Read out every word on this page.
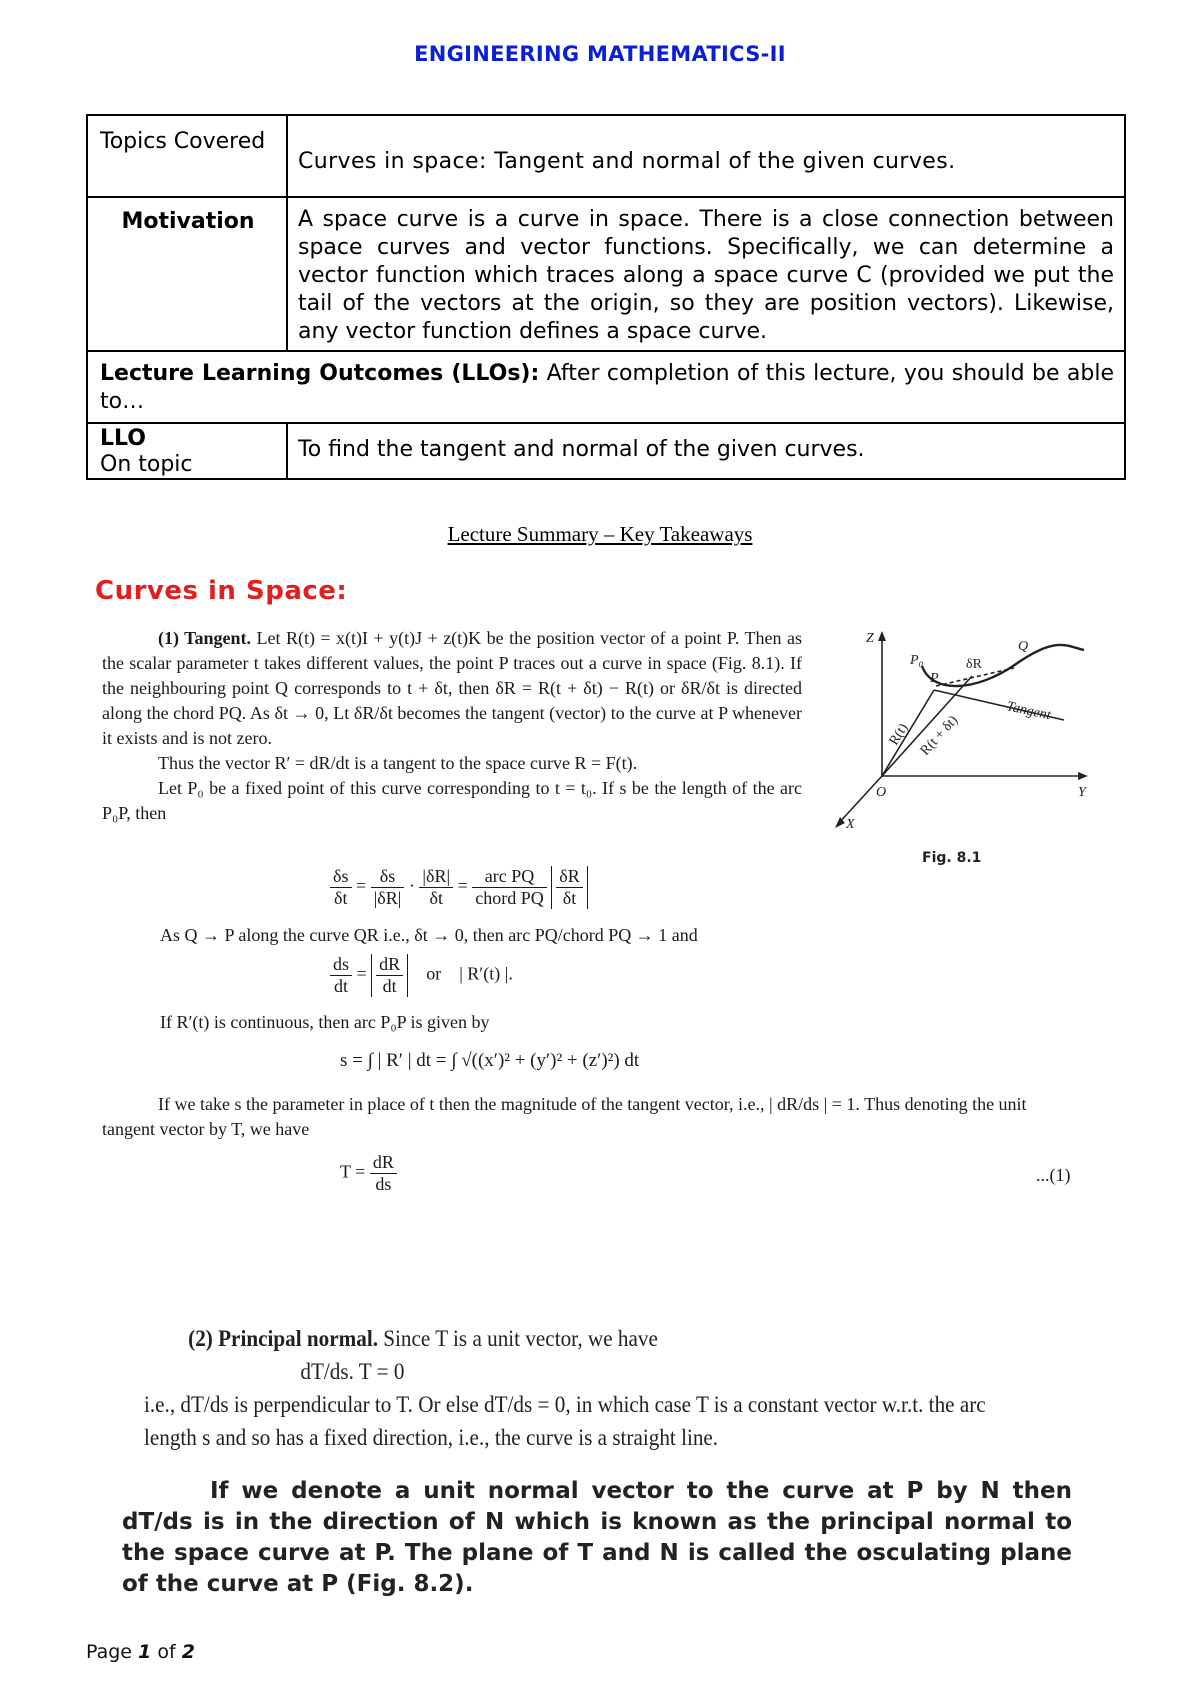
ENGINEERING MATHEMATICS-II
Topics Covered	Curves in space: Tangent and normal of the given curves.
Motivation	A space curve is a curve in space. There is a close connection between space curves and vector functions. Specifically, we can determine a vector function which traces along a space curve C (provided we put the tail of the vectors at the origin, so they are position vectors). Likewise, any vector function defines a space curve.
Lecture Learning Outcomes (LLOs): After completion of this lecture, you should be able to…	

LLO
On topic	To find the tangent and normal of the given curves.
Lecture Summary – Key Takeaways
Curves in Space:

(1) Tangent. Let R(t) = x(t)I + y(t)J + z(t)K be the position vector of a point P. Then as the scalar parameter t takes different values, the point P traces out a curve in space (Fig. 8.1). If the neighbouring point Q corresponds to t + δt, then δR = R(t + δt) − R(t) or δR/δt is directed along the chord PQ. As δt → 0, Lt δR/δt becomes the tangent (vector) to the curve at P whenever it exists and is not zero.

Thus the vector R′ = dR/dt is a tangent to the space curve R = F(t).

Let P₀ be a fixed point of this curve corresponding to t = t₀. If s be the length of the arc P₀P, then

$\frac{\delta s}{\delta t} = \frac{\delta s}{|\delta R|} \cdot \frac{|\delta R|}{\delta t} = \frac{\text{arc PQ}}{\text{chord PQ}}$
$\frac{\delta R}{\delta t}$
As Q → P along the curve QR i.e., δt → 0, then arc PQ/chord PQ → 1 and
$\frac{ds}{dt} = \frac{dR}{dt}$ or | R′(t) |.
If R′(t) is continuous, then arc P₀P is given by
s = ∫ | R′ | dt = ∫ √((x′)² + (y′)² + (z′)²) dt

If we take s the parameter in place of t then the magnitude of the tangent vector, i.e., | dR/ds | = 1. Thus denoting the unit tangent vector by T, we have

$T = \frac{dR}{ds}$	...(1)
Z
Y
X
O
P₀
P
Q
δR
Tangent
R(t) R(t + δt)
Fig. 8.1

(2) Principal normal. Since T is a unit vector, we have

dT/ds. T = 0

i.e., dT/ds is perpendicular to T. Or else dT/ds = 0, in which case T is a constant vector w.r.t. the arc length s and so has a fixed direction, i.e., the curve is a straight line.

If we denote a unit normal vector to the curve at P by N then dT/ds is in the direction of N which is known as the principal normal to the space curve at P. The plane of T and N is called the osculating plane of the curve at P (Fig. 8.2).

Page 1 of 2
